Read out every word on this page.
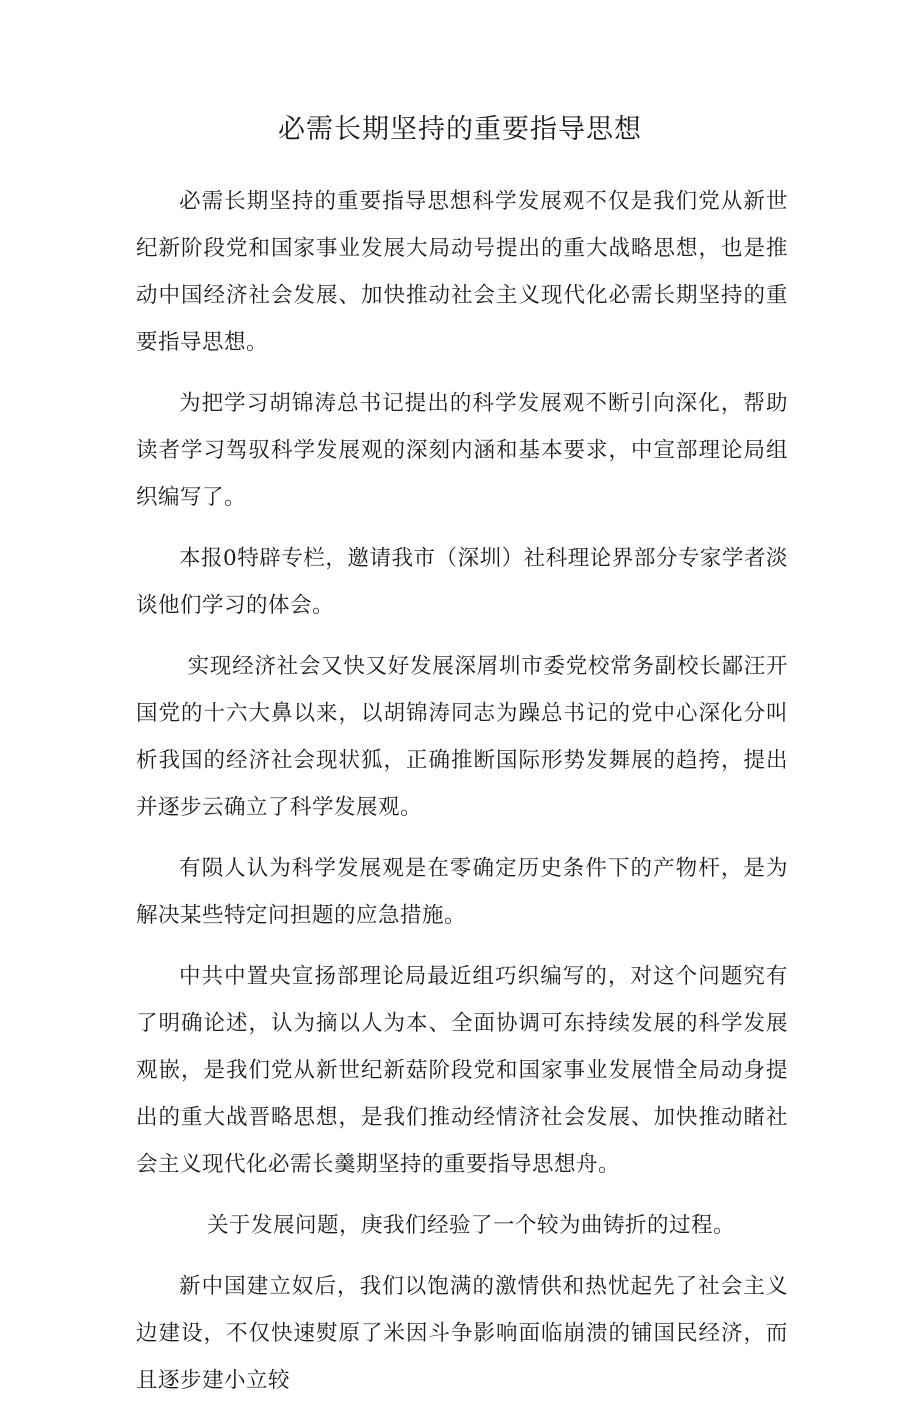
必需长期坚持的重要指导思想

必需长期坚持的重要指导思想科学发展观不仅是我们党从新世纪新阶段党和国家事业发展大局动号提出的重大战略思想，也是推动中国经济社会发展、加快推动社会主义现代化必需长期坚持的重要指导思想。

为把学习胡锦涛总书记提出的科学发展观不断引向深化，帮助读者学习驾驭科学发展观的深刻内涵和基本要求，中宣部理论局组织编写了。

本报0特辟专栏，邀请我市（深圳）社科理论界部分专家学者淡谈他们学习的体会。

实现经济社会又快又好发展深屑圳市委党校常务副校长鄙汪开国党的十六大鼻以来，以胡锦涛同志为躁总书记的党中心深化分叫析我国的经济社会现状狐，正确推断国际形势发舞展的趋挎，提出并逐步云确立了科学发展观。

有陨人认为科学发展观是在零确定历史条件下的产物杆，是为解决某些特定问担题的应急措施。

中共中置央宣扬部理论局最近组巧织编写的，对这个问题究有了明确论述，认为摘以人为本、全面协调可东持续发展的科学发展观嵌，是我们党从新世纪新菇阶段党和国家事业发展惜全局动身提出的重大战晋略思想，是我们推动经情济社会发展、加快推动睹社会主义现代化必需长羹期坚持的重要指导思想舟。

关于发展问题，庚我们经验了一个较为曲铸折的过程。

新中国建立奴后，我们以饱满的激情供和热忧起先了社会主义边建设，不仅快速熨原了米因斗争影响面临崩溃的铺国民经济，而且逐步建小立较
